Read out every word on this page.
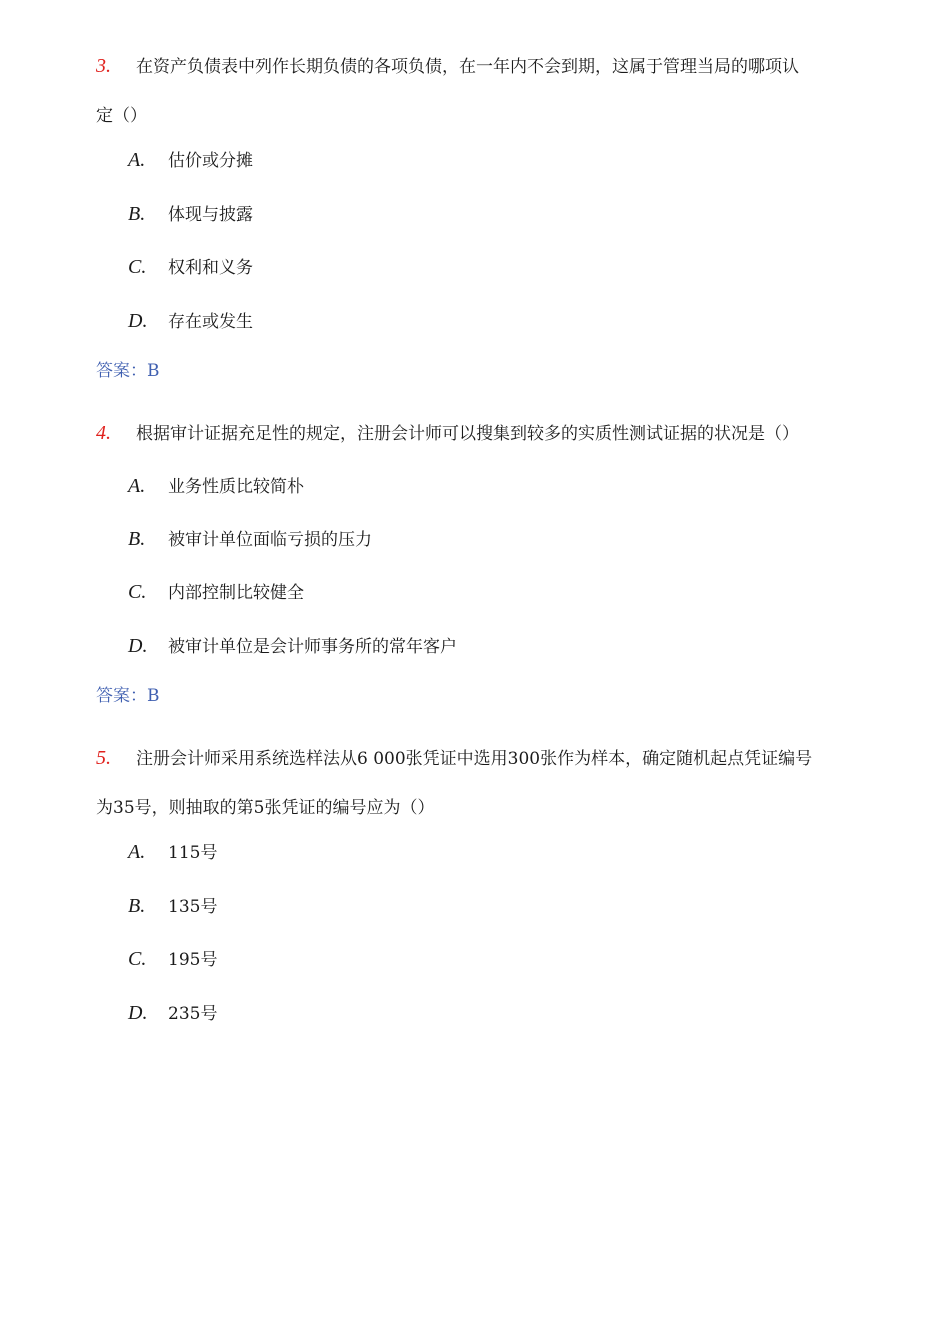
3. 在资产负债表中列作长期负债的各项负债，在一年内不会到期，这属于管理当局的哪项认
定（）
A. 估价或分摊
B. 体现与披露
C. 权利和义务
D. 存在或发生
答案：B
4. 根据审计证据充足性的规定，注册会计师可以搜集到较多的实质性测试证据的状况是（）
A. 业务性质比较简朴
B. 被审计单位面临亏损的压力
C. 内部控制比较健全
D. 被审计单位是会计师事务所的常年客户
答案：B
5. 注册会计师采用系统选样法从6 000张凭证中选用300张作为样本，确定随机起点凭证编号
为35号，则抽取的第5张凭证的编号应为（）
A. 115号
B. 135号
C. 195号
D. 235号
